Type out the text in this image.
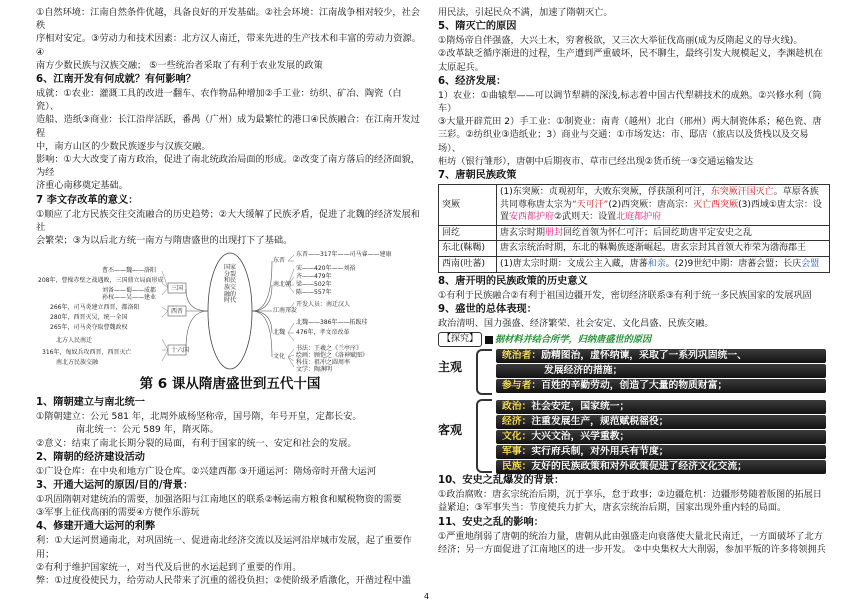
①自然环境：江南自然条件优越，具备良好的开发基础。②社会环境：江南战争相对较少，社会秩

序相对安定。③劳动力和技术因素：北方汉人南迁，带来先进的生产技术和丰富的劳动力资源。④

南方少数民族与汉族交融； ⑤一些统治者采取了有利于农业发展的政策

6、江南开发有何成就？有何影响？

成就：①农业：灌溉工具的改进一翻车、农作物品种增加②手工业：纺织、矿冶、陶瓷（白瓷）、

造船、造纸③商业：长江沿岸活跃，番禺（广州）成为最繁忙的港口④民族融合：在江南开发过程

中，南方山区的少数民族逐步与汉族交融。

影响：①大大改变了南方政治，促进了南北统政治局面的形成。②改变了南方落后的经济面貌，为经

济重心南移奠定基础。

7 李文存改革的意义：

①顺应了北方民族交往交流融合的历史趋势；②大大缓解了民族矛盾，促进了北魏的经济发展和社

会繁荣；③为以后北方统一南方与隋唐盛世的出现打下了基础。

国家分裂和民族交融的时代
三国
西晋
十六国
东晋
南北朝
江南开发
北魏
文化
曹丕——魏——洛阳
208年，曹操赤壁之战遇败，三国鼎立局面形成
刘备——蜀——成都
孙权——吴——建业
266年，司马炎建立西晋，都洛阳
280年，西晋灭吴，统一全国
265年，司马炎夺取曹魏政权
北方人民南迁
316年，匈奴兵攻西晋，西晋灭亡
南北方民族交融
东晋——317年——司马睿——建康
宋——420年——刘裕
齐——479年
梁——502年
陈——557年
开发人员：南迁汉人
北魏——386年——拓跋珪
476年，孝文帝改革
书法：王羲之《兰亭序》
绘画：顾恺之《洛神赋图》
科技：祖冲之圆周率
文学：陶渊明

第 6 课从隋唐盛世到五代十国

1、隋朝建立与南北统一

①隋朝建立：公元 581 年，北周外戚杨坚称帝，国号隋，年号开皇，定都长安。

南北统一：公元 589 年，隋灭陈。

②意义：结束了南北长期分裂的局面，有利于国家的统一、安定和社会的发展。

2、隋朝的经济建设活动

①广设仓库：在中央和地方广设仓库。②兴建西都 ③开通运河：隋炀帝时开凿大运河

3、开通大运河的原因/目的/背景：

①巩固隋朝对建统治的需要，加强洛阳与江南地区的联系②畅运南方粮食和赋税物资的需要

③军事上征伐高丽的需要④方便作乐游玩

4、修建开通大运河的利弊

利：①大运河贯通南北，对巩固统一、促进南北经济交流以及运河沿岸城市发展，起了重要作用；

②有利于维护国家统一，对当代及后世的水运起到了重要的作用。

弊：①过度役使民力，给劳动人民带来了沉重的徭役负担；②使阶级矛盾激化，开凿过程中滥

用民法，引起民众不满，加速了隋朝灭亡。

5、隋灭亡的原因

①隋炀帝自伴强盛，大兴土木，穷奢极欲，又三次大举征伐高丽(成为反隋起义的导火线)。

②改革缺乏循序渐进的过程，生产遭到严重破坏，民不聊生，最终引发大规模起义，李渊趁机在

太原起兵。

6、经济发展：

1）农业：①曲辕犁——可以调节犁耕的深浅,标志着中国古代犁耕技术的成熟。②兴修水利（筒车）

③大量开辟荒田 2）手工业：①制瓷业：南青（越州）北白（邢州）两大制瓷体系；秘色瓷、唐

三彩。②纺织业③造纸业；3）商业与交通：①市场发达：市、邸店（旅店以及货栈以及交易场）、

柜坊（银行雏形），唐朝中后期夜市、草市已经出现②货币统一③交通运输发达

7、唐朝民族政策

突厥	(1)东突厥：贞观初年，大败东突厥，俘获颉利可汗，东突厥汗国灭亡。草原各族共同尊称唐太宗为“天可汗”(2)西突厥：唐高宗：灭亡西突厥(3)西域①唐太宗：设置安西都护府②武则天：设置北庭都护府
回纥	唐玄宗时期册封回纥首领为怀仁可汗；后回纥助唐平定安史之乱
东北(靺鞨)	唐玄宗统治时期，东北的靺鞨族逐渐崛起。唐玄宗封其首领大祚荣为渤海郡王
西南(吐蕃)	(1)唐太宗时期：文成公主入藏，唐蕃和亲。(2)9世纪中期：唐蕃会盟；长庆会盟

8、唐开明的民族政策的历史意义

①有利于民族融合②有利于祖国边疆开发，密切经济联系③有利于统一多民族国家的发展巩固

9、盛世的总体表现：

政治清明、国力强盛、经济繁荣、社会安定、文化昌盛、民族交融。

【探究】	据材料并结合所学，归纳唐盛世的原因
主观
客观
统治者：励精图治，虚怀纳谏，采取了一系列巩固统一、
发展经济的措施；
参与者：百姓的辛勤劳动，创造了大量的物质财富；
政治：社会安定，国家统一；
经济：注重发展生产，规范赋税徭役；
文化：大兴文治，兴学重教；
军事：实行府兵制，对外用兵有节度；
民族：友好的民族政策和对外政策促进了经济文化交流；

10、安史之乱爆发的背景：

①政治腐败：唐玄宗统治后期，沉于享乐，怠于政事；②边疆危机：边疆形势随着版图的拓展日

益紧迫；③军事失当：节度使兵力扩大，唐玄宗统治后期，国家出现外重内轻的局面。

11、安史之乱的影响：

①严重地削弱了唐朝的统治力量，唐朝从此由强盛走向衰落使大量北民南迁，一方面破坏了北方

经济；另一方面促进了江南地区的进一步开发。 ②中央集权大大削弱，参加平叛的许多将领拥兵

4
